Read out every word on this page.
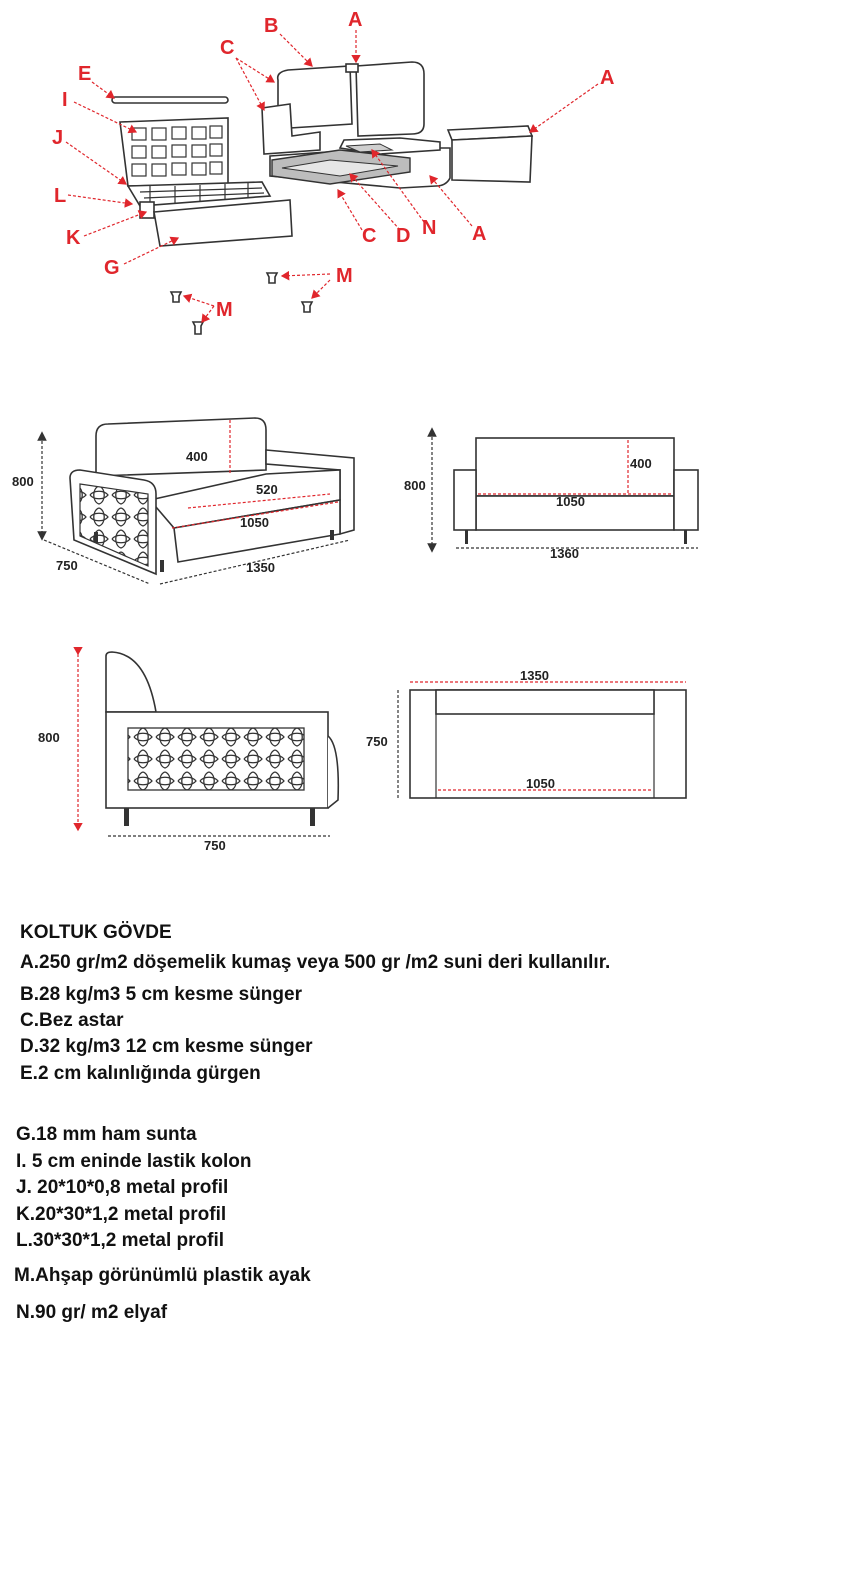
A
B
C
E
I
J
L
K
G
A
C D N A
M
M
800
400
520
1050
750	1350
800
400
1050
1360
800
750
1350
750
1050
KOLTUK GÖVDE
A.250 gr/m2 döşemelik kumaş veya 500 gr /m2 suni deri kullanılır.
B.28 kg/m3 5 cm kesme sünger
C.Bez astar
D.32 kg/m3 12 cm kesme sünger
E.2 cm kalınlığında gürgen
G.18 mm ham sunta
I. 5 cm eninde lastik kolon
J. 20*10*0,8 metal profil
K.20*30*1,2 metal profil
L.30*30*1,2 metal profil
M.Ahşap görünümlü plastik ayak
N.90 gr/ m2 elyaf
